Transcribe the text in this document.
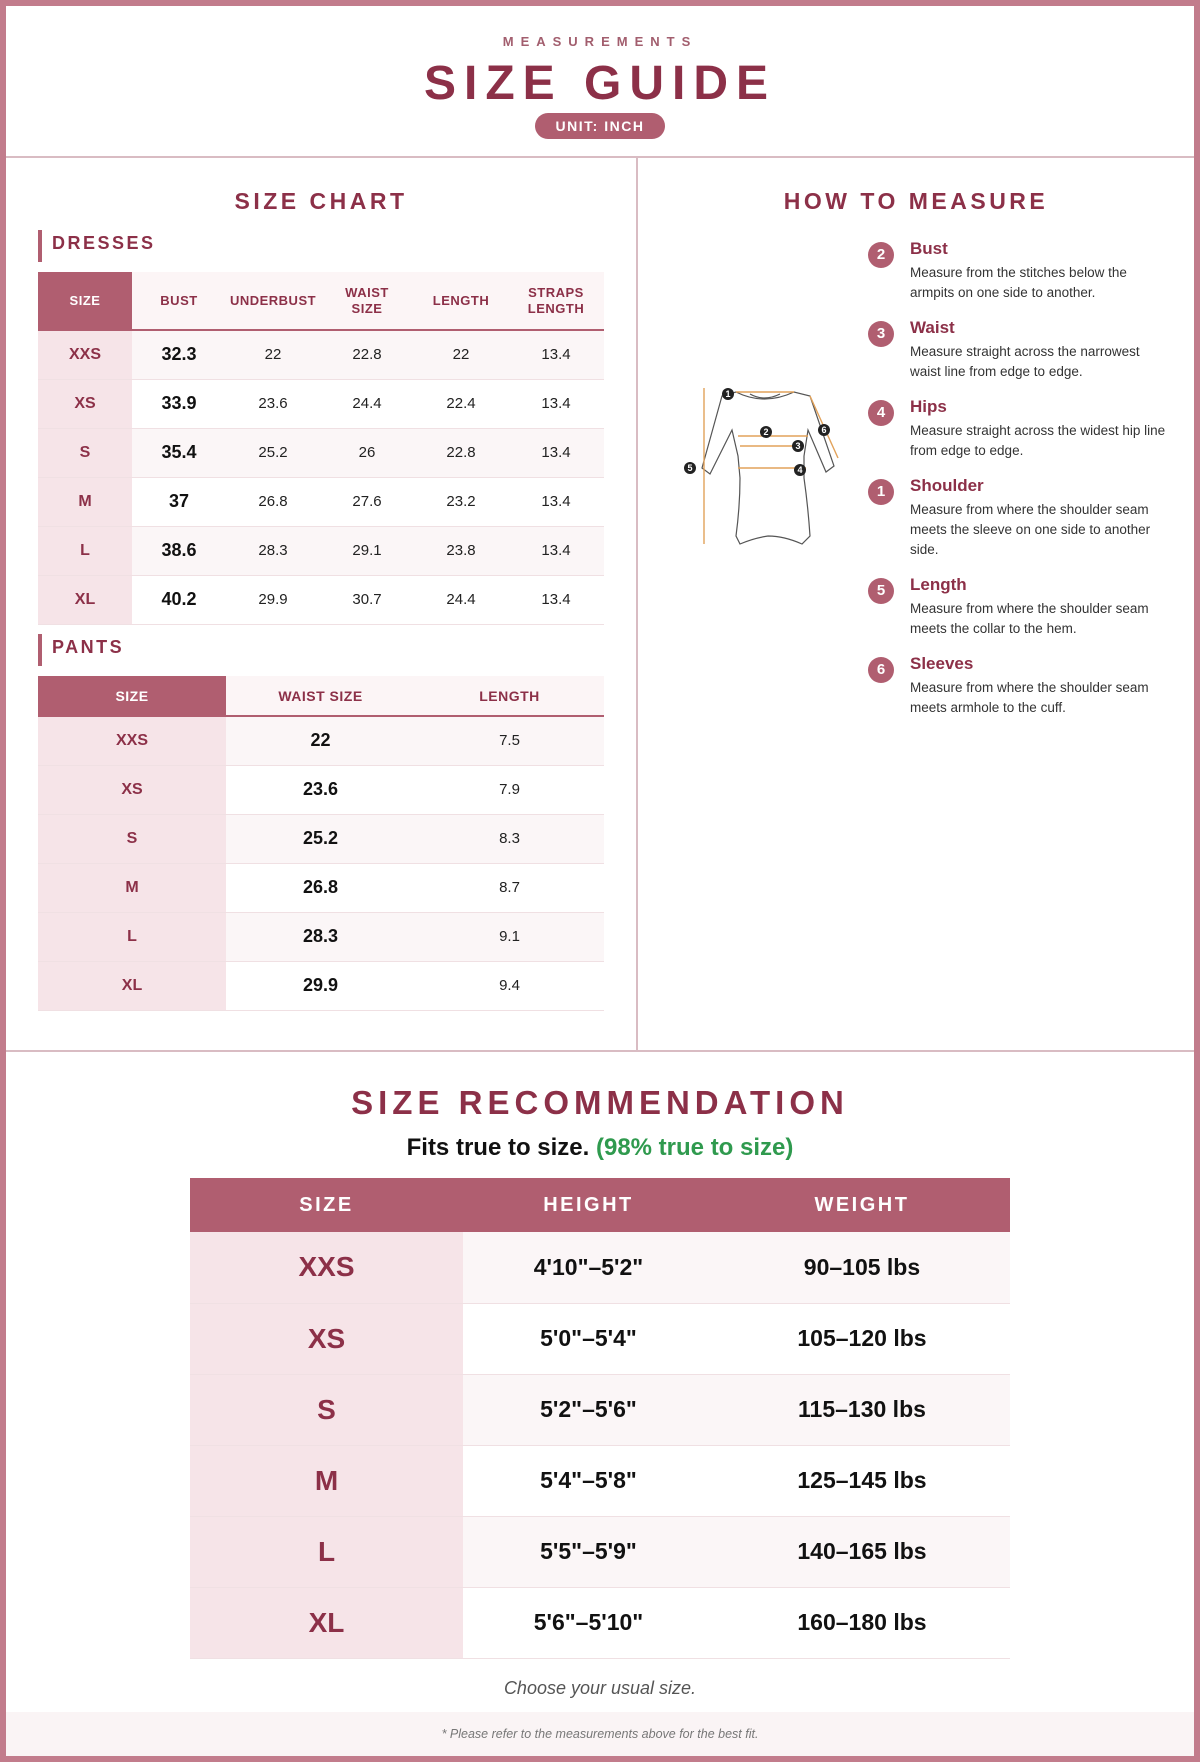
MEASUREMENTS
SIZE GUIDE
UNIT: INCH
SIZE CHART
DRESSES
SIZE	BUST	UNDERBUST	WAIST SIZE	LENGTH	STRAPS LENGTH
XXS	32.3	22	22.8	22	13.4
XS	33.9	23.6	24.4	22.4	13.4
S	35.4	25.2	26	22.8	13.4
M	37	26.8	27.6	23.2	13.4
L	38.6	28.3	29.1	23.8	13.4
XL	40.2	29.9	30.7	24.4	13.4
PANTS
SIZE	WAIST SIZE	LENGTH
XXS	22	7.5
XS	23.6	7.9
S	25.2	8.3
M	26.8	8.7
L	28.3	9.1
XL	29.9	9.4
HOW TO MEASURE
1
2
3
4
5
6
2	Bust
Measure from the stitches below the armpits on one side to another.
3	Waist
Measure straight across the narrowest waist line from edge to edge.
4	Hips
Measure straight across the widest hip line from edge to edge.
1	Shoulder
Measure from where the shoulder seam meets the sleeve on one side to another side.
5	Length
Measure from where the shoulder seam meets the collar to the hem.
6	Sleeves
Measure from where the shoulder seam meets armhole to the cuff.
SIZE RECOMMENDATION
Fits true to size. (98% true to size)
SIZE	HEIGHT	WEIGHT
XXS	4'10"–5'2"	90–105 lbs
XS	5'0"–5'4"	105–120 lbs
S	5'2"–5'6"	115–130 lbs
M	5'4"–5'8"	125–145 lbs
L	5'5"–5'9"	140–165 lbs
XL	5'6"–5'10"	160–180 lbs
Choose your usual size.
* Please refer to the measurements above for the best fit.
